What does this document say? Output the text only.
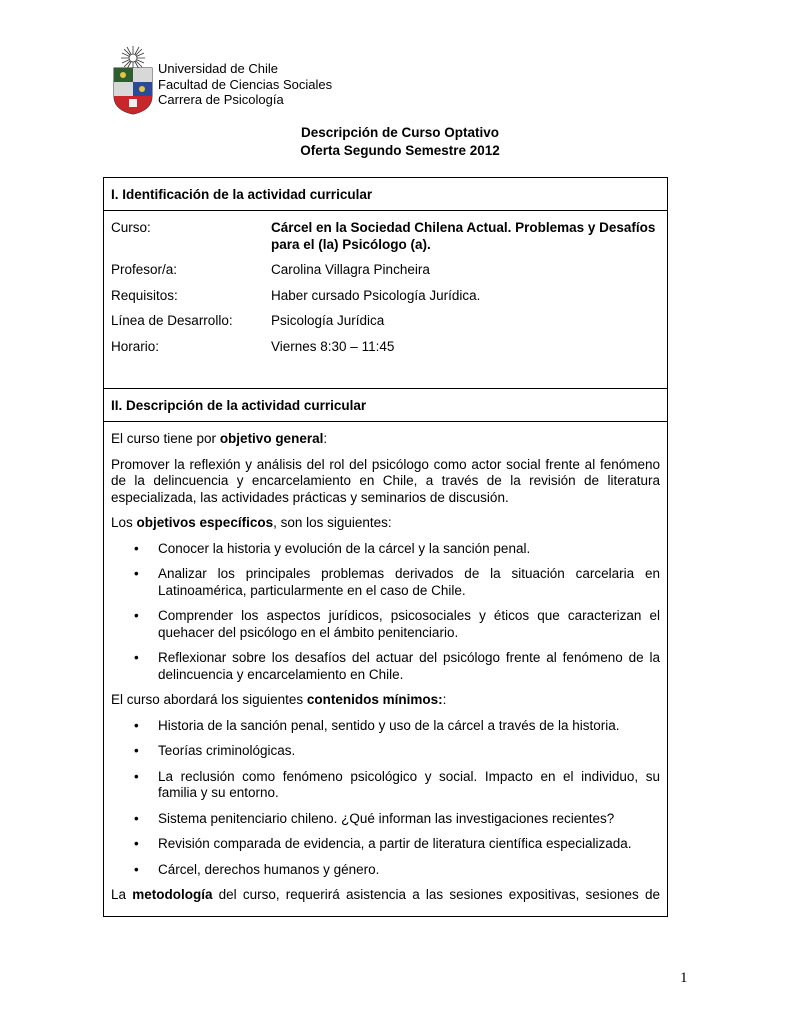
Universidad de Chile
Facultad de Ciencias Sociales
Carrera de Psicología
Descripción de Curso Optativo
Oferta Segundo Semestre 2012
I. Identificación de la actividad curricular
Curso:	Cárcel en la Sociedad Chilena Actual. Problemas y Desafíos para el (la) Psicólogo (a).
Profesor/a:	Carolina Villagra Pincheira
Requisitos:	Haber cursado Psicología Jurídica.
Línea de Desarrollo:	Psicología Jurídica
Horario:	Viernes 8:30 – 11:45
II. Descripción de la actividad curricular

El curso tiene por objetivo general:

Promover la reflexión y análisis del rol del psicólogo como actor social frente al fenómeno de la delincuencia y encarcelamiento en Chile, a través de la revisión de literatura especializada, las actividades prácticas y seminarios de discusión.

Los objetivos específicos, son los siguientes:

• Conocer la historia y evolución de la cárcel y la sanción penal.
• Analizar los principales problemas derivados de la situación carcelaria en Latinoamérica, particularmente en el caso de Chile.
• Comprender los aspectos jurídicos, psicosociales y éticos que caracterizan el quehacer del psicólogo en el ámbito penitenciario.
• Reflexionar sobre los desafíos del actuar del psicólogo frente al fenómeno de la delincuencia y encarcelamiento en Chile.

El curso abordará los siguientes contenidos mínimos::

• Historia de la sanción penal, sentido y uso de la cárcel a través de la historia.
• Teorías criminológicas.
• La reclusión como fenómeno psicológico y social. Impacto en el individuo, su familia y su entorno.
• Sistema penitenciario chileno. ¿Qué informan las investigaciones recientes?
• Revisión comparada de evidencia, a partir de literatura científica especializada.
• Cárcel, derechos humanos y género.

La metodología del curso, requerirá asistencia a las sesiones expositivas, sesiones de

1
